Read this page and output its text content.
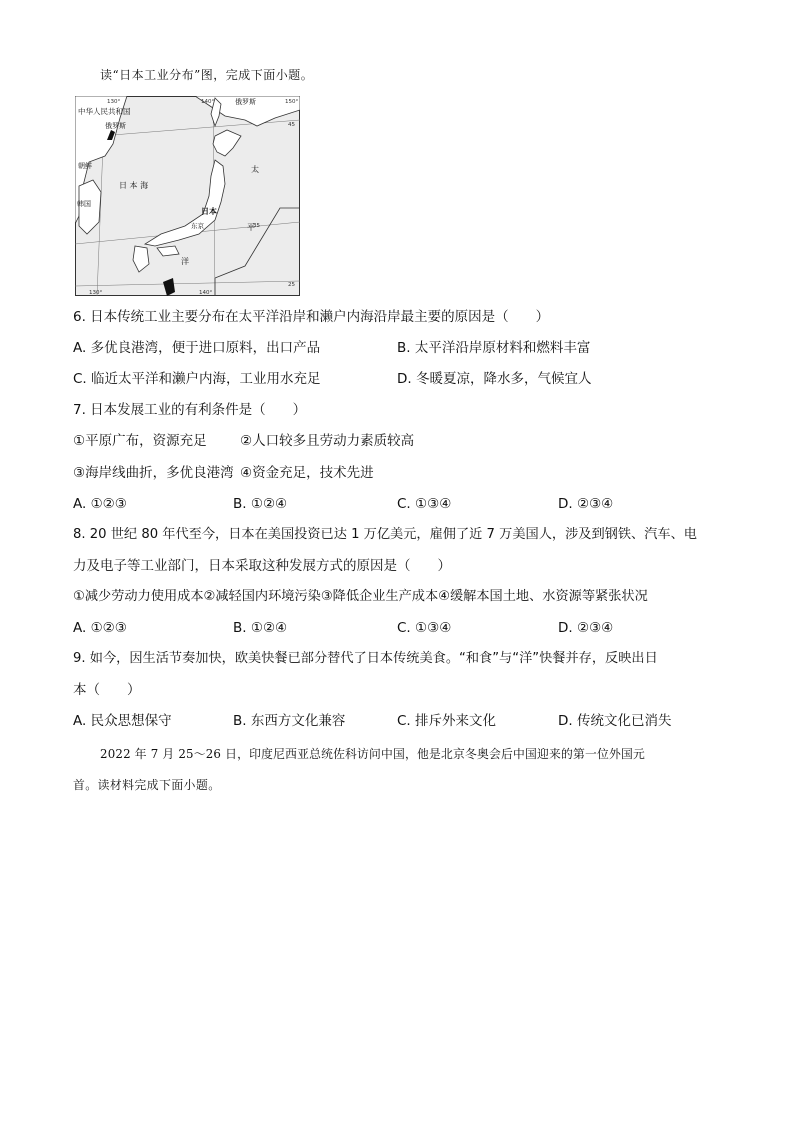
读“日本工业分布”图，完成下面小题。
中华人民共和国
俄罗斯
俄罗斯
朝鲜
韩国
日 本 海
日本
东京
太
平
洋
130°	140°	150°
130°	140°
45
35
25
6. 日本传统工业主要分布在太平洋沿岸和濑户内海沿岸最主要的原因是（　　）
A. 多优良港湾，便于进口原料，出口产品	B. 太平洋沿岸原材料和燃料丰富
C. 临近太平洋和濑户内海，工业用水充足	D. 冬暖夏凉，降水多，气候宜人
7. 日本发展工业的有利条件是（　　）
①平原广布，资源充足 ②人口较多且劳动力素质较高
③海岸线曲折，多优良港湾 ④资金充足，技术先进
A. ①②③	B. ①②④	C. ①③④	D. ②③④
8. 20 世纪 80 年代至今，日本在美国投资已达 1 万亿美元，雇佣了近 7 万美国人，涉及到钢铁、汽车、电
力及电子等工业部门，日本采取这种发展方式的原因是（　　）
①减少劳动力使用成本②减轻国内环境污染③降低企业生产成本④缓解本国土地、水资源等紧张状况
A. ①②③	B. ①②④	C. ①③④	D. ②③④
9. 如今，因生活节奏加快，欧美快餐已部分替代了日本传统美食。“和食”与“洋”快餐并存，反映出日
本（　　）
A. 民众思想保守	B. 东西方文化兼容	C. 排斥外来文化	D. 传统文化已消失
2022 年 7 月 25～26 日，印度尼西亚总统佐科访问中国，他是北京冬奥会后中国迎来的第一位外国元
首。读材料完成下面小题。
